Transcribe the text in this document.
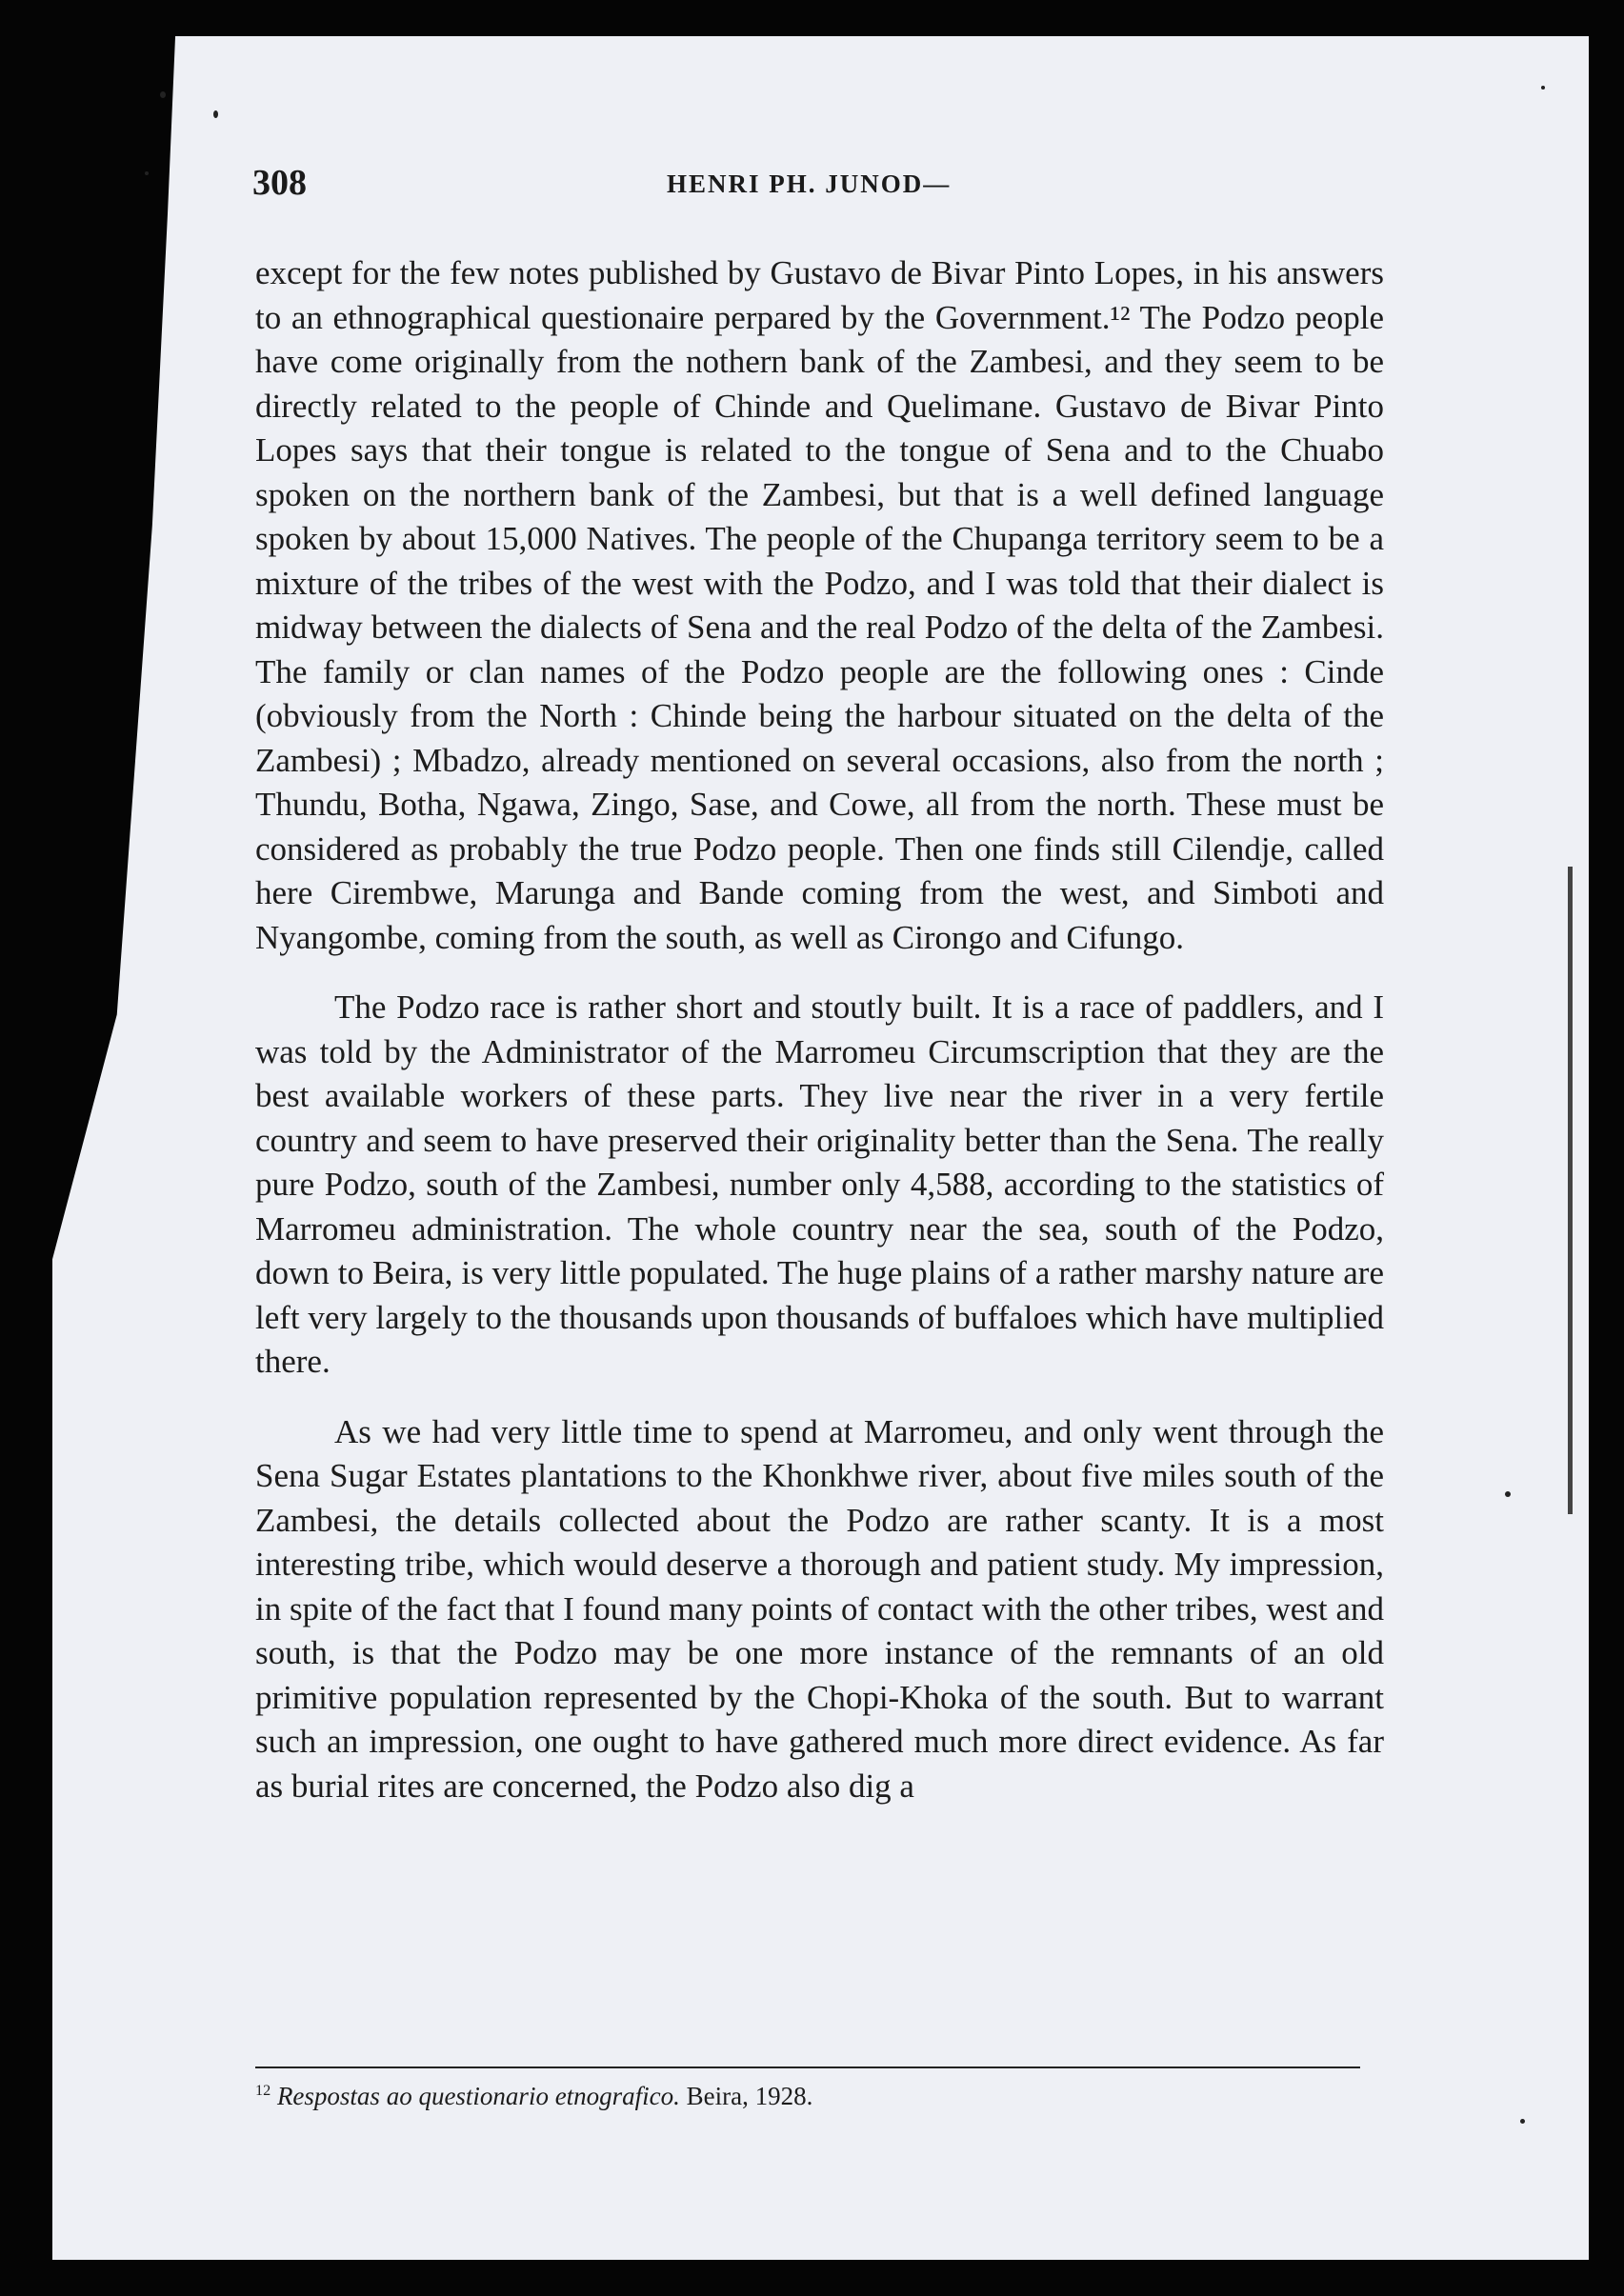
308	HENRI PH. JUNOD—

except for the few notes published by Gustavo de Bivar Pinto Lopes, in his answers to an ethnographical questionaire perpared by the Government.¹² The Podzo people have come originally from the nothern bank of the Zambesi, and they seem to be directly related to the people of Chinde and Quelimane. Gustavo de Bivar Pinto Lopes says that their tongue is related to the tongue of Sena and to the Chuabo spoken on the northern bank of the Zambesi, but that is a well defined language spoken by about 15,000 Natives. The people of the Chupanga territory seem to be a mixture of the tribes of the west with the Podzo, and I was told that their dialect is midway between the dialects of Sena and the real Podzo of the delta of the Zambesi. The family or clan names of the Podzo people are the following ones : Cinde (obviously from the North : Chinde being the harbour situated on the delta of the Zambesi) ; Mbadzo, already mentioned on several occasions, also from the north ; Thundu, Botha, Ngawa, Zingo, Sase, and Cowe, all from the north. These must be considered as probably the true Podzo people. Then one finds still Cilendje, called here Cirembwe, Marunga and Bande coming from the west, and Simboti and Nyangombe, coming from the south, as well as Cirongo and Cifungo.

The Podzo race is rather short and stoutly built. It is a race of paddlers, and I was told by the Administrator of the Marromeu Circumscription that they are the best available workers of these parts. They live near the river in a very fertile country and seem to have preserved their originality better than the Sena. The really pure Podzo, south of the Zambesi, number only 4,588, according to the statistics of Marromeu administration. The whole country near the sea, south of the Podzo, down to Beira, is very little populated. The huge plains of a rather marshy nature are left very largely to the thousands upon thousands of buffaloes which have multiplied there.

As we had very little time to spend at Marromeu, and only went through the Sena Sugar Estates plantations to the Khonkhwe river, about five miles south of the Zambesi, the details collected about the Podzo are rather scanty. It is a most interesting tribe, which would deserve a thorough and patient study. My impression, in spite of the fact that I found many points of contact with the other tribes, west and south, is that the Podzo may be one more instance of the remnants of an old primitive population represented by the Chopi-Khoka of the south. But to warrant such an impression, one ought to have gathered much more direct evidence. As far as burial rites are concerned, the Podzo also dig a

$^{12}$ Respostas ao questionario etnografico. Beira, 1928.
